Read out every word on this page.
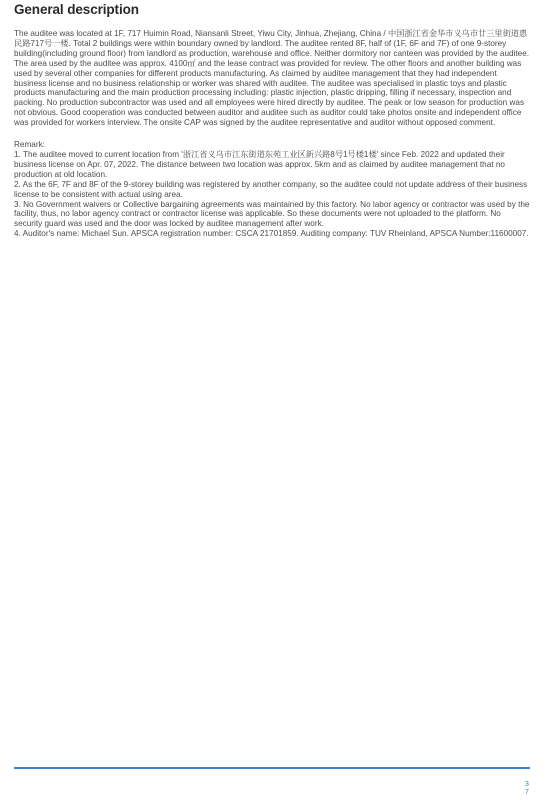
General description

The auditee was located at 1F, 717 Huimin Road, Niansanli Street, Yiwu City, Jinhua, Zhejiang, China / 中国浙江省金华市义乌市廿三里街道惠民路717号一楼. Total 2 buildings were within boundary owned by landlord. The auditee rented 8F, half of (1F, 6F and 7F) of one 9-storey building(including ground floor) from landlord as production, warehouse and office. Neither dormitory nor canteen was provided by the auditee. The area used by the auditee was approx. 4100㎡ and the lease contract was provided for review. The other floors and another building was used by several other companies for different products manufacturing. As claimed by auditee management that they had independent business license and no business relationship or worker was shared with auditee. The auditee was specialised in plastic toys and plastic products manufacturing and the main production processing including: plastic injection, plastic dripping, filling if necessary, inspection and packing. No production subcontractor was used and all employees were hired directly by auditee. The peak or low season for production was not obvious. Good cooperation was conducted between auditor and auditee such as auditor could take photos onsite and independent office was provided for workers interview. The onsite CAP was signed by the auditee representative and auditor without opposed comment.

Remark:

1. The auditee moved to current location from '浙江省义乌市江东街道东苑工业区新兴路8号1号楼1楼' since Feb. 2022 and updated their business license on Apr. 07, 2022. The distance between two location was approx. 5km and as claimed by auditee management that no production at old location.

2. As the 6F, 7F and 8F of the 9-storey building was registered by another company, so the auditee could not update address of their business license to be consistent with actual using area.

3. No Government waivers or Collective bargaining agreements was maintained by this factory. No labor agency or contractor was used by the facility, thus, no labor agency contract or contractor license was applicable. So these documents were not uploaded to the platform. No security guard was used and the door was locked by auditee management after work.

4. Auditor's name: Michael Sun. APSCA registration number: CSCA 21701859. Auditing company: TUV Rheinland, APSCA Number:11600007.

3
7
